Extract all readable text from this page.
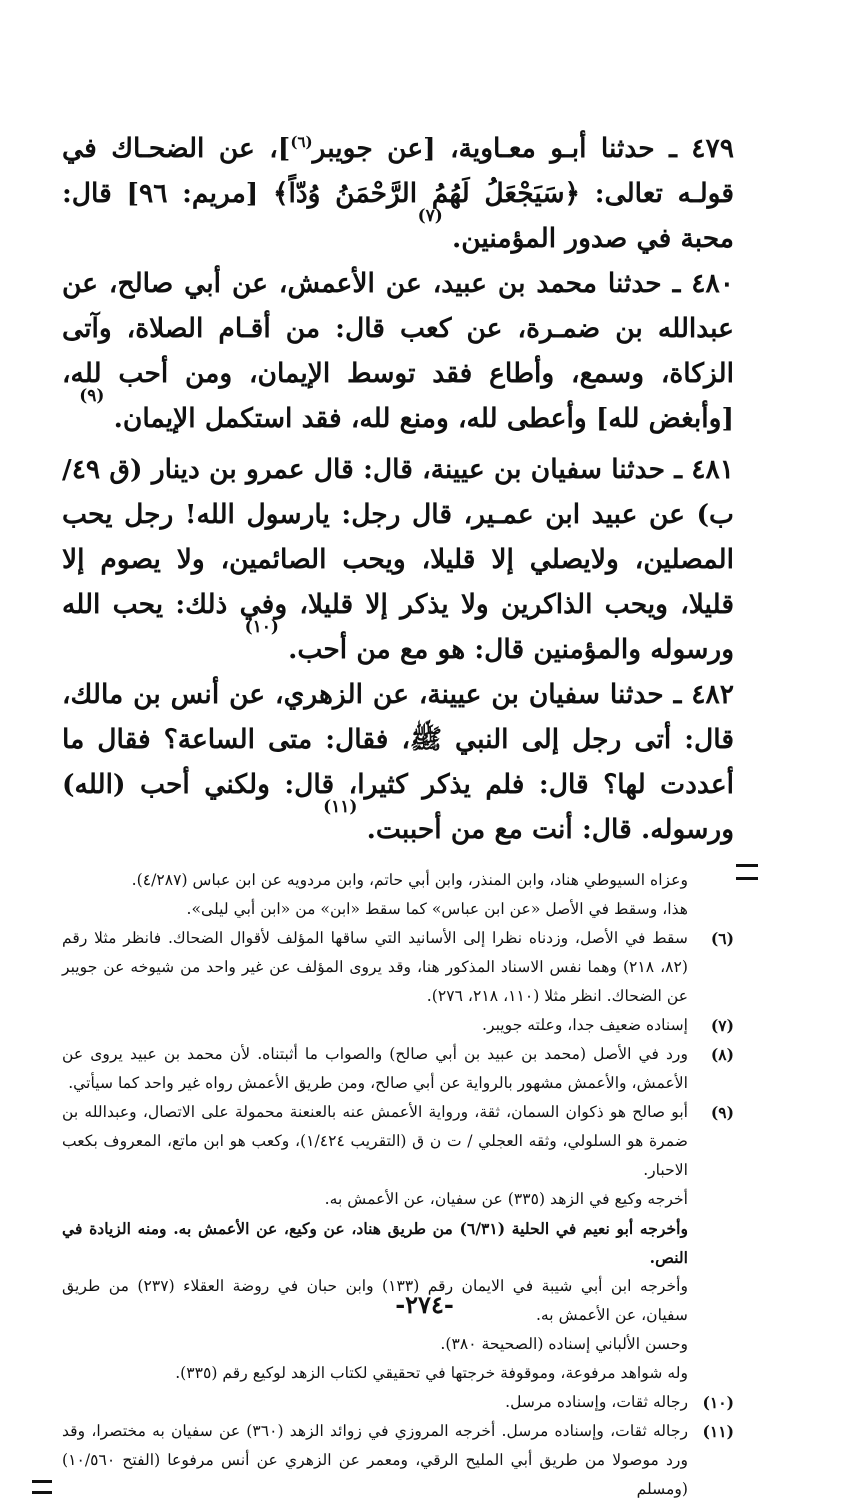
٤٧٩ ـ حدثنا أبـو معـاوية، [عن جويبر$^{(٦)}$]، عن الضحـاك في قولـه تعالى: ﴿سَيَجْعَلُ لَهُمُ الرَّحْمَنُ وُدّاً﴾ [مريم: ٩٦] قال: محبة في صدور المؤمنين. $^{(٧)}$

٤٨٠ ـ حدثنا محمد بن عبيد، عن الأعمش، عن أبي صالح، عن عبدالله بن ضمـرة، عن كعب قال: من أقـام الصلاة، وآتى الزكاة، وسمع، وأطاع فقد توسط الإيمان، ومن أحب لله، [وأبغض لله] وأعطى لله، ومنع لله، فقد استكمل الإيمان. $^{(٩)}$

٤٨١ ـ حدثنا سفيان بن عيينة، قال: قال عمرو بن دينار (ق ٤٩/ب) عن عبيد ابن عمـير، قال رجل: يارسول الله! رجل يحب المصلين، ولايصلي إلا قليلا، ويحب الصائمين، ولا يصوم إلا قليلا، ويحب الذاكرين ولا يذكر إلا قليلا، وفي ذلك: يحب الله ورسوله والمؤمنين قال: هو مع من أحب. $^{(١٠)}$

٤٨٢ ـ حدثنا سفيان بن عيينة، عن الزهري، عن أنس بن مالك، قال: أتى رجل إلى النبي ﷺ، فقال: متى الساعة؟ فقال ما أعددت لها؟ قال: فلم يذكر كثيرا، قال: ولكني أحب (الله) ورسوله. قال: أنت مع من أحببت. $^{(١١)}$

وعزاه السيوطي هناد، وابن المنذر، وابن أبي حاتم، وابن مردويه عن ابن عباس (٤/٢٨٧).
هذا، وسقط في الأصل «عن ابن عباس» كما سقط «ابن» من «ابن أبي ليلى».
(٦)
سقط في الأصل، وزدناه نظرا إلى الأسانيد التي ساقها المؤلف لأقوال الضحاك. فانظر مثلا رقم (٨٢، ٢١٨) وهما نفس الاسناد المذكور هنا، وقد يروى المؤلف عن غير واحد من شيوخه عن جويبر عن الضحاك. انظر مثلا (١١٠، ٢١٨، ٢٧٦).
(٧)
إسناده ضعيف جدا، وعلته جويبر.
(٨)
ورد في الأصل (محمد بن عبيد بن أبي صالح) والصواب ما أثبتناه. لأن محمد بن عبيد يروى عن الأعمش، والأعمش مشهور بالرواية عن أبي صالح، ومن طريق الأعمش رواه غير واحد كما سيأتي.
(٩)
أبو صالح هو ذكوان السمان، ثقة، ورواية الأعمش عنه بالعنعنة محمولة على الاتصال، وعبدالله بن ضمرة هو السلولي، وثقه العجلي / ت ن ق (التقريب ١/٤٢٤)، وكعب هو ابن ماتع، المعروف بكعب الاحبار.
أخرجه وكيع في الزهد (٣٣٥) عن سفيان، عن الأعمش به.
وأخرجه أبو نعيم في الحلية (٦/٣١) من طريق هناد، عن وكيع، عن الأعمش به. ومنه الزيادة في النص.
وأخرجه ابن أبي شيبة في الايمان رقم (١٣٣) وابن حبان في روضة العقلاء (٢٣٧) من طريق سفيان، عن الأعمش به.
وحسن الألباني إسناده (الصحيحة ٣٨٠).
وله شواهد مرفوعة، وموقوفة خرجتها في تحقيقي لكتاب الزهد لوكيع رقم (٣٣٥).
(١٠)
رجاله ثقات، وإسناده مرسل.
(١١)
رجاله ثقات، وإسناده مرسل. أخرجه المروزي في زوائد الزهد (٣٦٠) عن سفيان به مختصرا، وقد ورد موصولا من طريق أبي المليح الرقي، ومعمر عن الزهري عن أنس مرفوعا (الفتح ١٠/٥٦٠) (ومسلم
-٢٧٤-
